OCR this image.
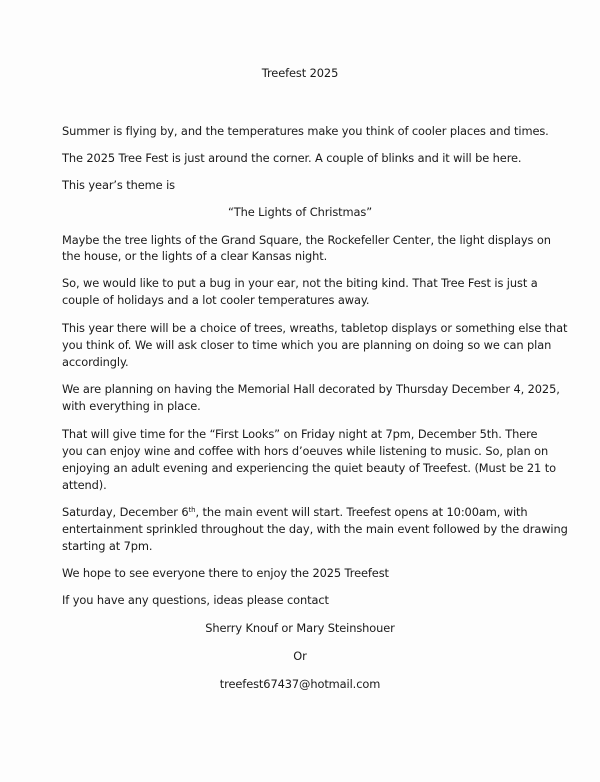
Treefest 2025
Summer is flying by, and the temperatures make you think of cooler places and times.
The 2025 Tree Fest is just around the corner. A couple of blinks and it will be here.
This year’s theme is
“The Lights of Christmas”
Maybe the tree lights of the Grand Square, the Rockefeller Center, the light displays on
the house, or the lights of a clear Kansas night.
So, we would like to put a bug in your ear, not the biting kind. That Tree Fest is just a
couple of holidays and a lot cooler temperatures away.
This year there will be a choice of trees, wreaths, tabletop displays or something else that
you think of. We will ask closer to time which you are planning on doing so we can plan
accordingly.
We are planning on having the Memorial Hall decorated by Thursday December 4, 2025,
with everything in place.
That will give time for the “First Looks” on Friday night at 7pm, December 5th. There
you can enjoy wine and coffee with hors d’oeuves while listening to music. So, plan on
enjoying an adult evening and experiencing the quiet beauty of Treefest. (Must be 21 to
attend).
Saturday, December 6th, the main event will start. Treefest opens at 10:00am, with
entertainment sprinkled throughout the day, with the main event followed by the drawing
starting at 7pm.
We hope to see everyone there to enjoy the 2025 Treefest
If you have any questions, ideas please contact
Sherry Knouf or Mary Steinshouer
Or
treefest67437@hotmail.com
